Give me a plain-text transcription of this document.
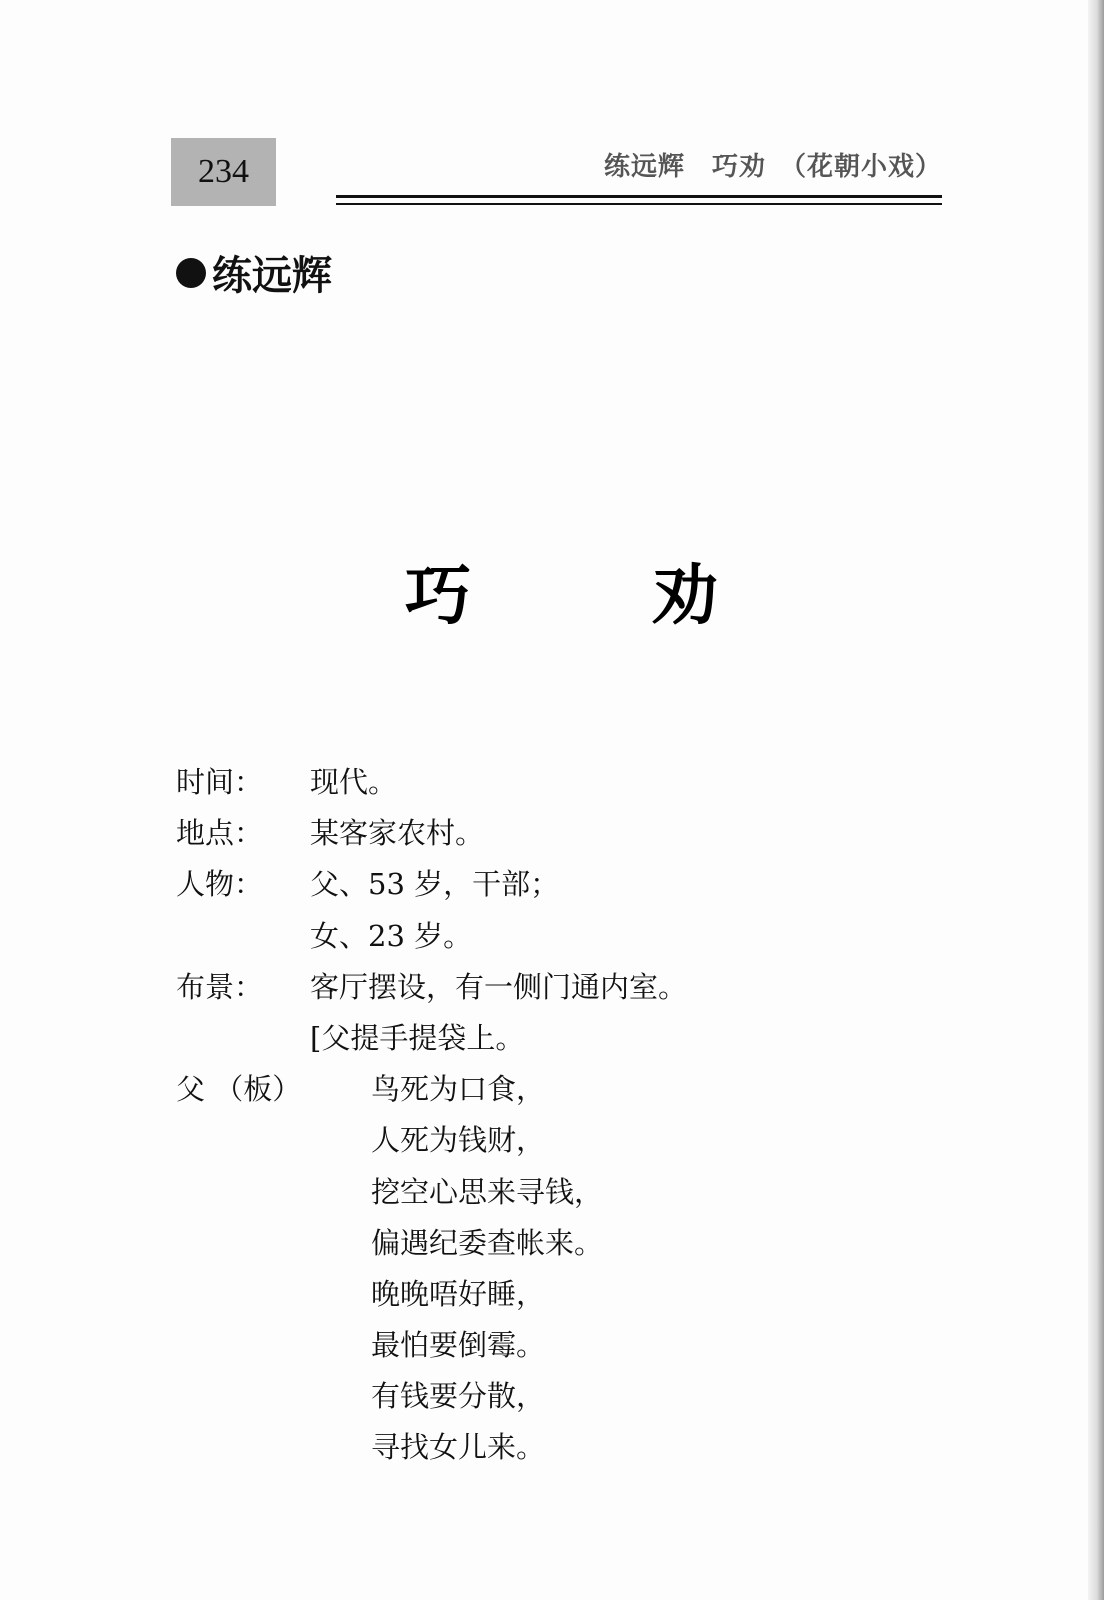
234	练远辉　巧劝　（花朝小戏）
练远辉
巧	劝
时间： 现代。
地点： 某客家农村。
人物： 父、53 岁，干部；
女、23 岁。
布景： 客厅摆设，有一侧门通内室。
[父提手提袋上。
父 （板） 鸟死为口食，
人死为钱财，
挖空心思来寻钱，
偏遇纪委查帐来。
晚晚唔好睡，
最怕要倒霉。
有钱要分散，
寻找女儿来。
